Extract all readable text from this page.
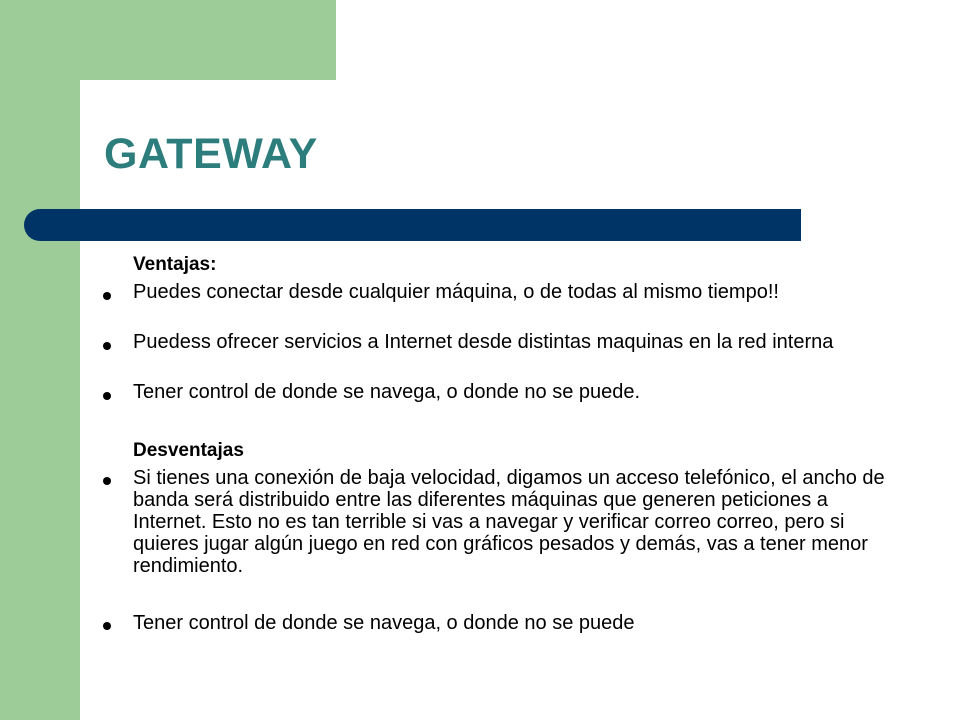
GATEWAY
Ventajas:

Puedes conectar desde cualquier máquina, o de todas al mismo tiempo!!

Puedess ofrecer servicios a Internet desde distintas maquinas en la red interna

Tener control de donde se navega, o donde no se puede.

Desventajas

Si tienes una conexión de baja velocidad, digamos un acceso telefónico, el ancho de banda será distribuido entre las diferentes máquinas que generen peticiones a Internet. Esto no es tan terrible si vas a navegar y verificar correo correo, pero si quieres jugar algún juego en red con gráficos pesados y demás, vas a tener menor rendimiento.

Tener control de donde se navega, o donde no se puede
